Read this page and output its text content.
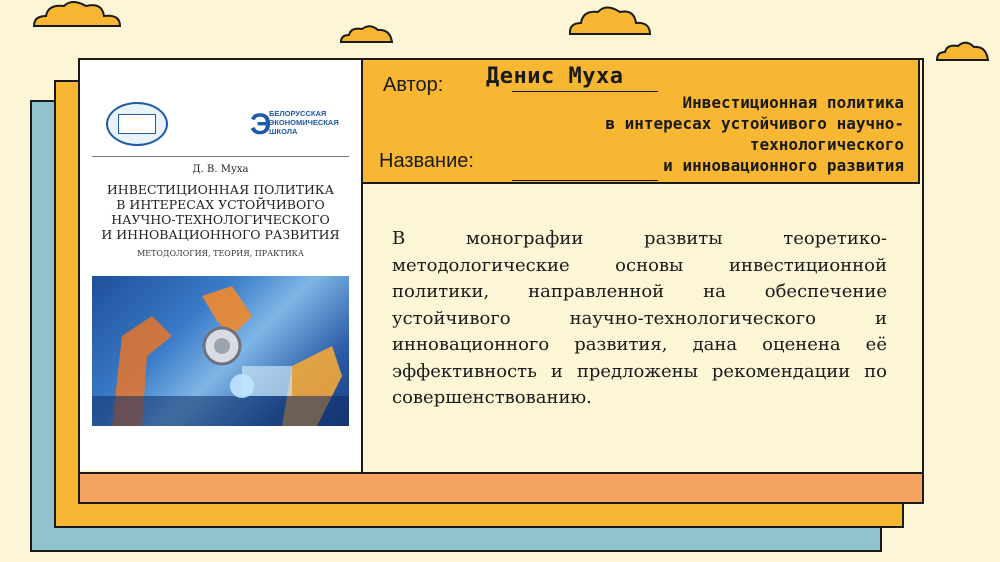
Автор: Денис Муха
Название:
Инвестиционная политика
в интересах устойчивого научно-
технологического
и инновационного развития
В монографии развиты теоретико-методологические основы инвестиционной политики, направленной на обеспечение устойчивого научно-технологического и инновационного развития, дана оценена её эффективность и предложены рекомендации по совершенствованию.
Э
БЕЛОРУССКАЯ
ЭКОНОМИЧЕСКАЯ
ШКОЛА
Д. В. Муха
ИНВЕСТИЦИОННАЯ ПОЛИТИКА
В ИНТЕРЕСАХ УСТОЙЧИВОГО
НАУЧНО-ТЕХНОЛОГИЧЕСКОГО
И ИННОВАЦИОННОГО РАЗВИТИЯ
МЕТОДОЛОГИЯ, ТЕОРИЯ, ПРАКТИКА
